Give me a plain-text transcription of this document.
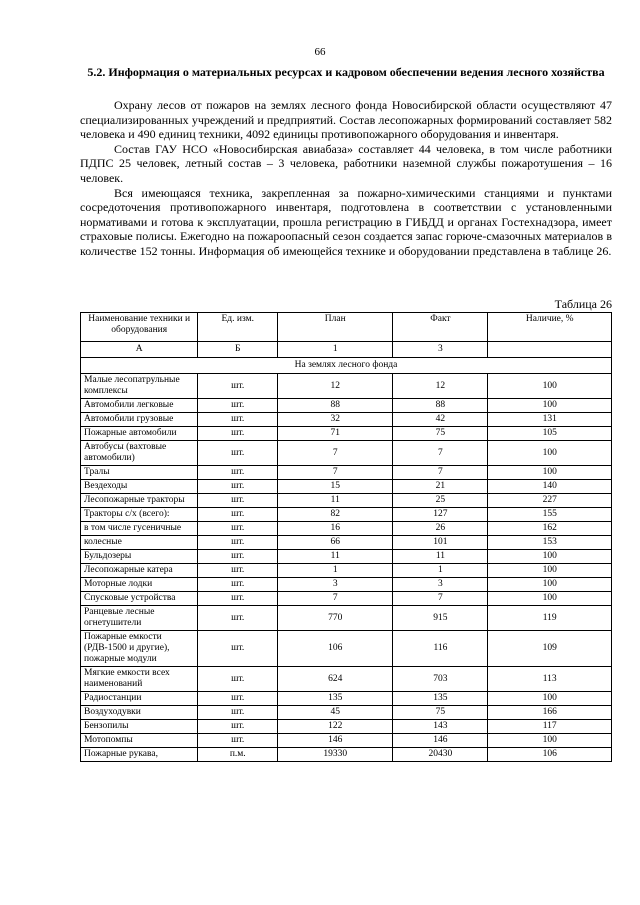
66
5.2. Информация о материальных ресурсах и кадровом обеспечении ведения лесного хозяйства

Охрану лесов от пожаров на землях лесного фонда Новосибирской области осуществляют 47 специализированных учреждений и предприятий. Состав лесопожарных формирований составляет 582 человека и 490 единиц техники, 4092 единицы противопожарного оборудования и инвентаря.

Состав ГАУ НСО «Новосибирская авиабаза» составляет 44 человека, в том числе работники ПДПС 25 человек, летный состав – 3 человека, работники наземной службы пожаротушения – 16 человек.

Вся имеющаяся техника, закрепленная за пожарно-химическими станциями и пунктами сосредоточения противопожарного инвентаря, подготовлена в соответствии с установленными нормативами и готова к эксплуатации, прошла регистрацию в ГИБДД и органах Гостехнадзора, имеет страховые полисы. Ежегодно на пожароопасный сезон создается запас горюче-смазочных материалов в количестве 152 тонны. Информация об имеющейся технике и оборудовании представлена в таблице 26.

Таблица 26
Наименование техники и оборудования	Ед. изм.	План	Факт	Наличие, %
А	Б	1	3	
На землях лесного фонда				
Малые лесопатрульные комплексы	шт.	12	12	100
Автомобили легковые	шт.	88	88	100
Автомобили грузовые	шт.	32	42	131
Пожарные автомобили	шт.	71	75	105
Автобусы (вахтовые автомобили)	шт.	7	7	100
Тралы	шт.	7	7	100
Вездеходы	шт.	15	21	140
Лесопожарные тракторы	шт.	11	25	227
Тракторы с/х (всего):	шт.	82	127	155
в том числе гусеничные	шт.	16	26	162
колесные	шт.	66	101	153
Бульдозеры	шт.	11	11	100
Лесопожарные катера	шт.	1	1	100
Моторные лодки	шт.	3	3	100
Спусковые устройства	шт.	7	7	100
Ранцевые лесные огнетушители	шт.	770	915	119
Пожарные емкости (РДВ-1500 и другие), пожарные модули	шт.	106	116	109
Мягкие емкости всех наименований	шт.	624	703	113
Радиостанции	шт.	135	135	100
Воздуходувки	шт.	45	75	166
Бензопилы	шт.	122	143	117
Мотопомпы	шт.	146	146	100
Пожарные рукава,	п.м.	19330	20430	106
